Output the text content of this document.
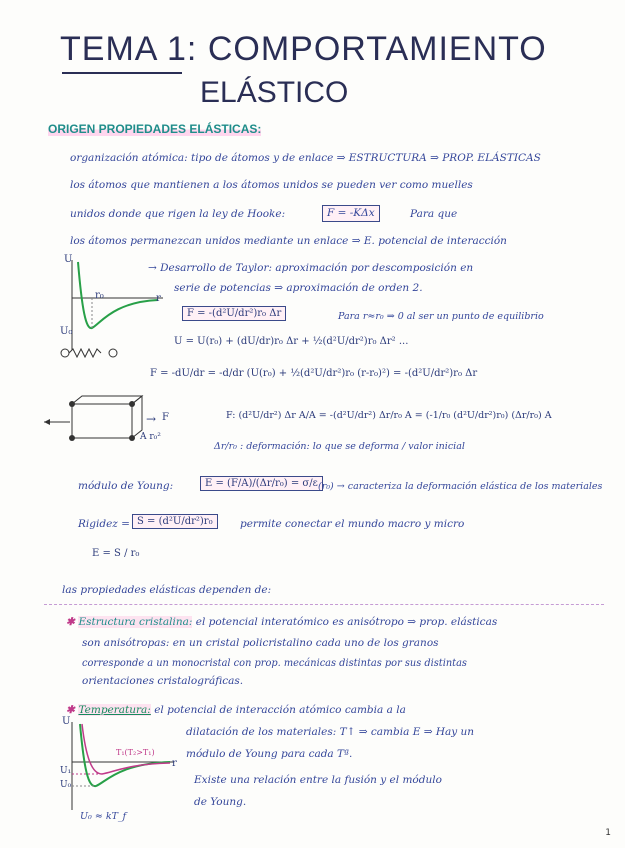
TEMA 1: COMPORTAMIENTO
ELÁSTICO
ORIGEN PROPIEDADES ELÁSTICAS:
organización atómica: tipo de átomos y de enlace ⇒ ESTRUCTURA ⇒ PROP. ELÁSTICAS
los átomos que mantienen a los átomos unidos se pueden ver como muelles
unidos donde que rigen la ley de Hooke:	F = -KΔx	Para que
los átomos permanezcan unidos mediante un enlace ⇒ E. potencial de interacción
U
r
r₀
U₀
→ Desarrollo de Taylor: aproximación por descomposición en
serie de potencias ⇒ aproximación de orden 2.
F = -(d²U/dr²)r₀ Δr	Para r≈r₀ ⇒ 0 al ser un punto de equilibrio
U = U(r₀) + (dU/dr)r₀ Δr + ½(d²U/dr²)r₀ Δr² ...
F = -dU/dr = -d/dr (U(r₀) + ½(d²U/dr²)r₀ (r-r₀)²) = -(d²U/dr²)r₀ Δr
→ F
A r₀²
F: (d²U/dr²) Δr A/A = -(d²U/dr²) Δr/r₀ A = (-1/r₀ (d²U/dr²)r₀) (Δr/r₀) A
Δr/r₀ : deformación: lo que se deforma / valor inicial
módulo de Young:	E = (F/A)/(Δr/r₀) = σ/ε (r₀) → caracteriza la deformación elástica de los materiales
Rigidez = S = (d²U/dr²)r₀	permite conectar el mundo macro y micro
E = S / r₀
las propiedades elásticas dependen de:
✱ Estructura cristalina: el potencial interatómico es anisótropo ⇒ prop. elásticas
son anisótropas: en un cristal policristalino cada uno de los granos
corresponde a un monocristal con prop. mecánicas distintas por sus distintas
orientaciones cristalográficas.
✱ Temperatura: el potencial de interacción atómico cambia a la
dilatación de los materiales: T↑ ⇒ cambia E ⇒ Hay un
módulo de Young para cada Tª.
Existe una relación entre la fusión y el módulo
de Young.
U
U₁
U₀
T₁(T₂>T₁)
r
U₀ ≈ kT_f
1
